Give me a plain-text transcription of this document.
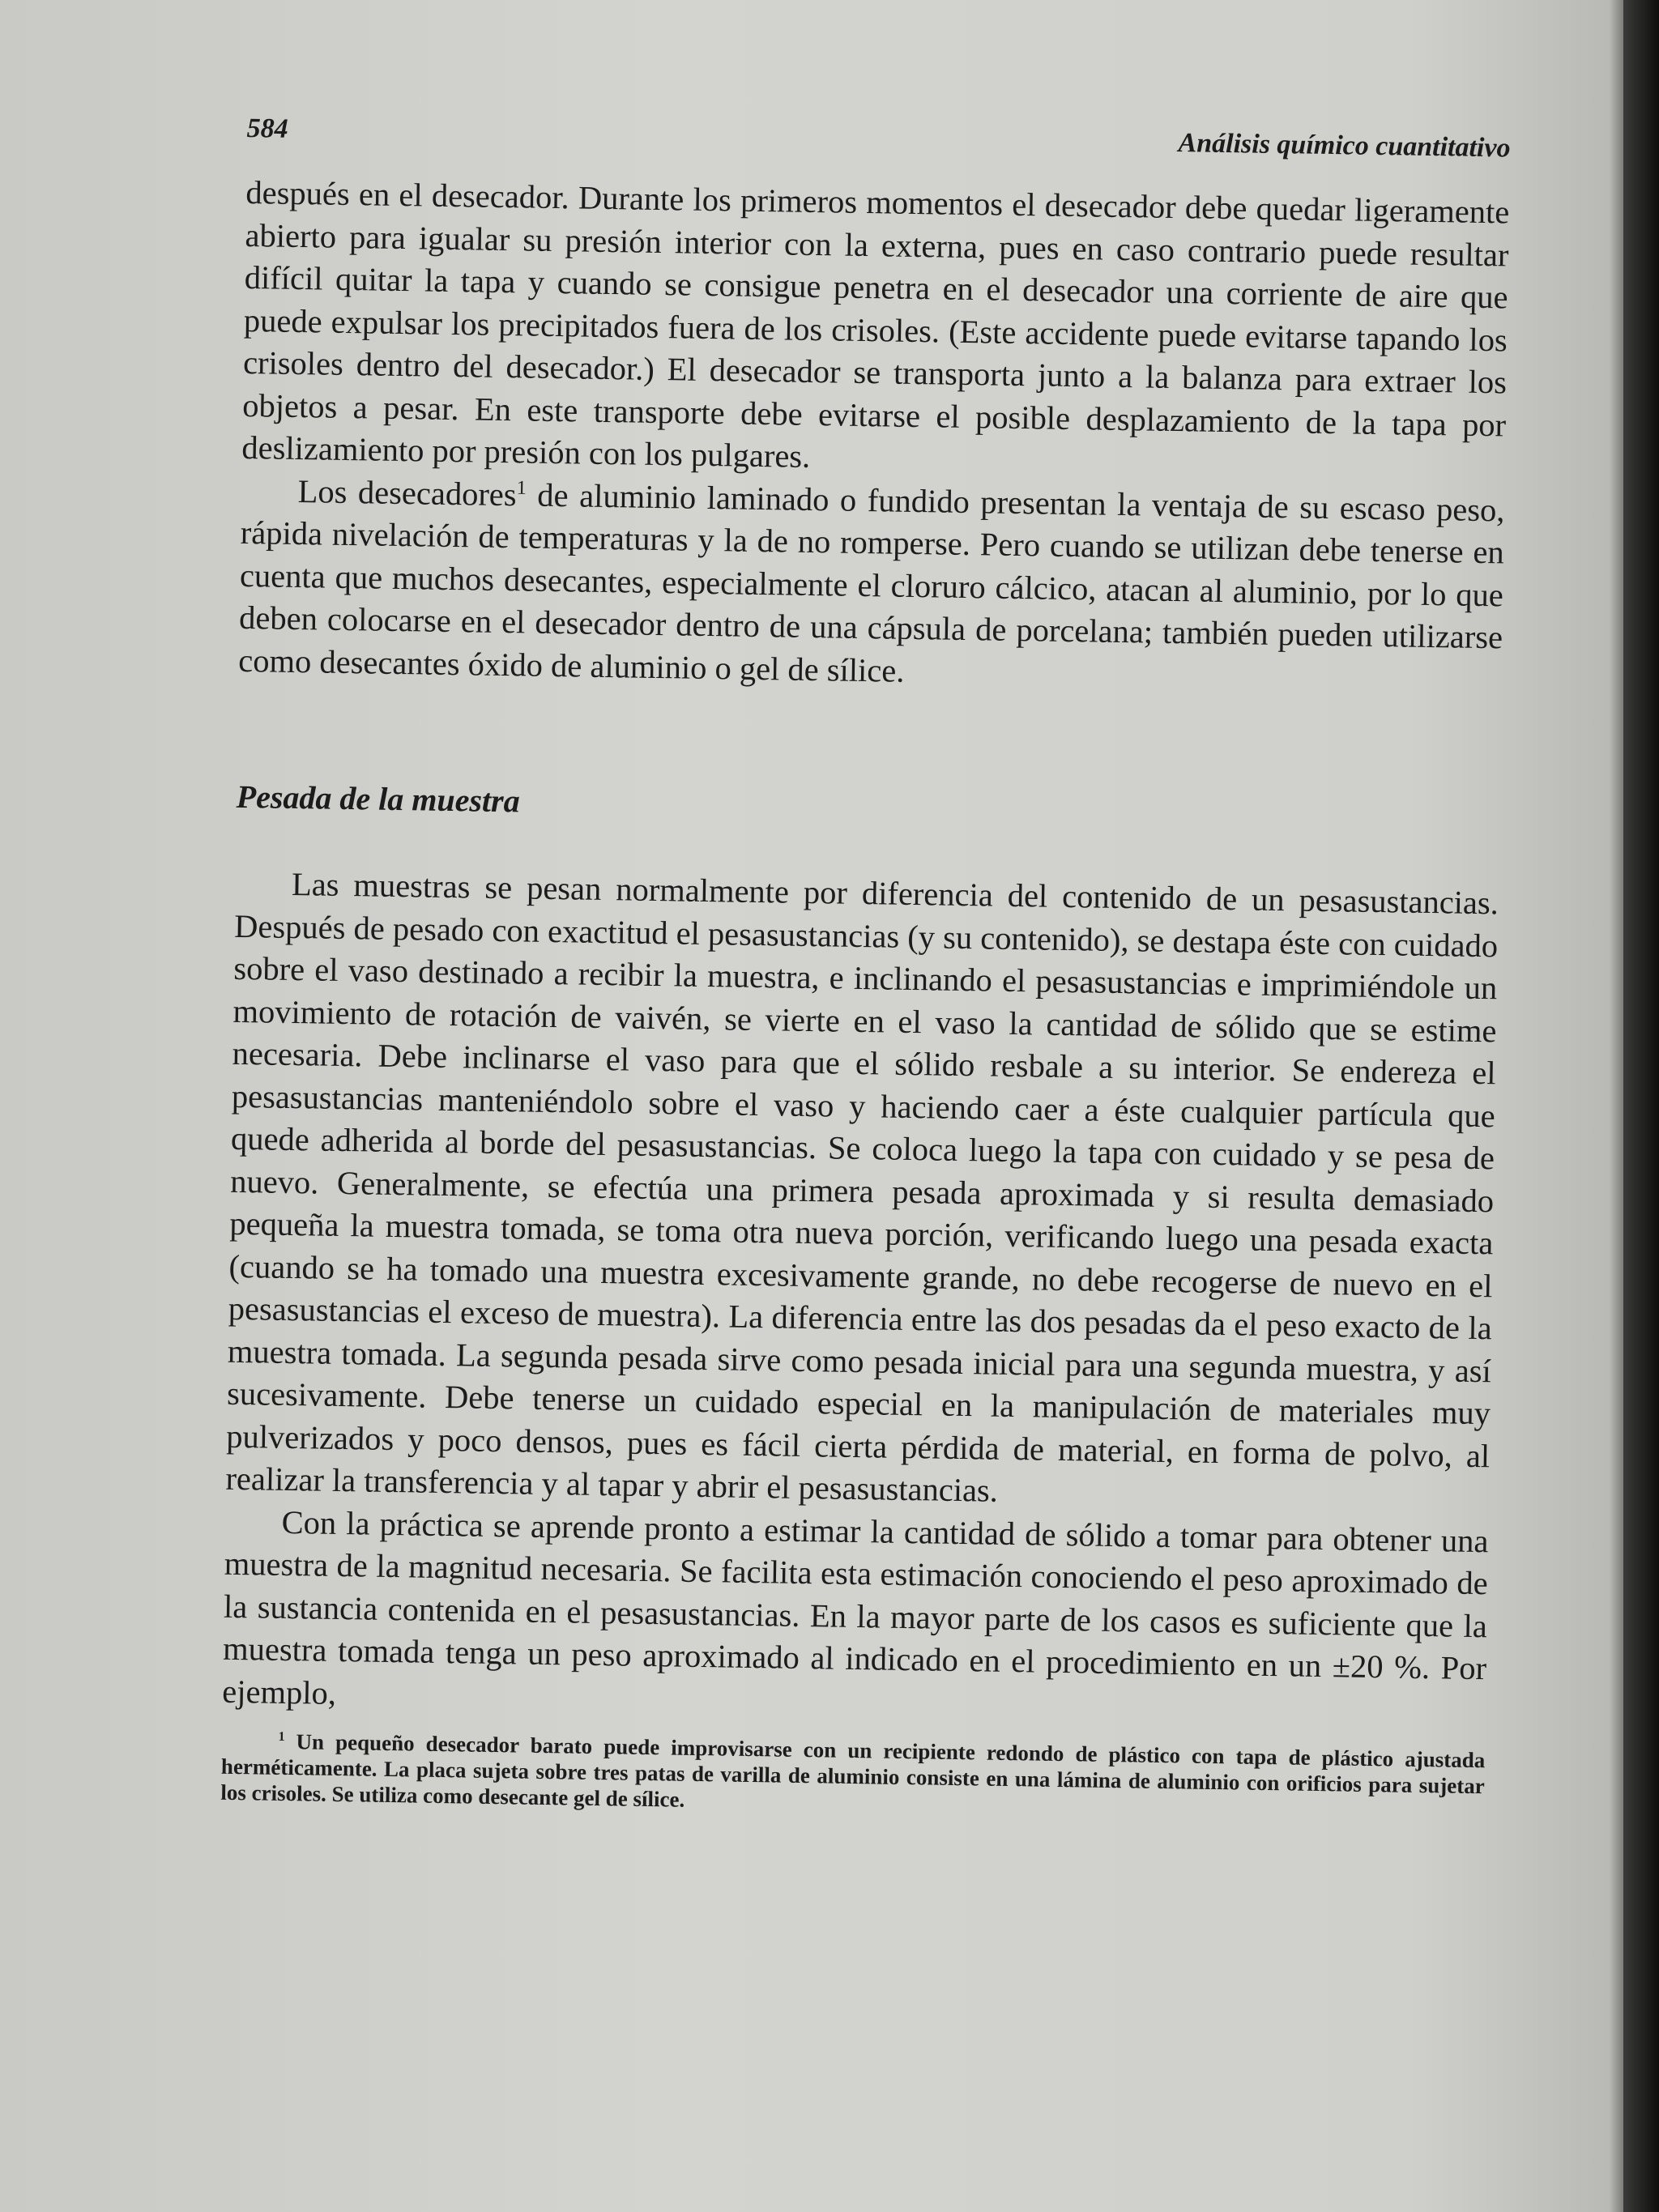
584	Análisis químico cuantitativo

después en el desecador. Durante los primeros momentos el desecador debe quedar ligeramente abierto para igualar su presión interior con la externa, pues en caso contrario puede resultar difícil quitar la tapa y cuando se consigue penetra en el desecador una corriente de aire que puede expulsar los precipitados fuera de los crisoles. (Este accidente puede evitarse tapando los crisoles dentro del desecador.) El desecador se transporta junto a la balanza para extraer los objetos a pesar. En este transporte debe evitarse el posible desplazamiento de la tapa por deslizamiento por presión con los pulgares.

Los desecadores$^1$ de aluminio laminado o fundido presentan la ventaja de su escaso peso, rápida nivelación de temperaturas y la de no romperse. Pero cuando se utilizan debe tenerse en cuenta que muchos desecantes, especialmente el cloruro cálcico, atacan al aluminio, por lo que deben colocarse en el desecador dentro de una cápsula de porcelana; también pueden utilizarse como desecantes óxido de aluminio o gel de sílice.

Pesada de la muestra

Las muestras se pesan normalmente por diferencia del contenido de un pesasustancias. Después de pesado con exactitud el pesasustancias (y su contenido), se destapa éste con cuidado sobre el vaso destinado a recibir la muestra, e inclinando el pesasustancias e imprimiéndole un movimiento de rotación de vaivén, se vierte en el vaso la cantidad de sólido que se estime necesaria. Debe inclinarse el vaso para que el sólido resbale a su interior. Se endereza el pesasustancias manteniéndolo sobre el vaso y haciendo caer a éste cualquier partícula que quede adherida al borde del pesasustancias. Se coloca luego la tapa con cuidado y se pesa de nuevo. Generalmente, se efectúa una primera pesada aproximada y si resulta demasiado pequeña la muestra tomada, se toma otra nueva porción, verificando luego una pesada exacta (cuando se ha tomado una muestra excesivamente grande, no debe recogerse de nuevo en el pesasustancias el exceso de muestra). La diferencia entre las dos pesadas da el peso exacto de la muestra tomada. La segunda pesada sirve como pesada inicial para una segunda muestra, y así sucesivamente. Debe tenerse un cuidado especial en la manipulación de materiales muy pulverizados y poco densos, pues es fácil cierta pérdida de material, en forma de polvo, al realizar la transferencia y al tapar y abrir el pesasustancias.

Con la práctica se aprende pronto a estimar la cantidad de sólido a tomar para obtener una muestra de la magnitud necesaria. Se facilita esta estimación conociendo el peso aproximado de la sustancia contenida en el pesasustancias. En la mayor parte de los casos es suficiente que la muestra tomada tenga un peso aproximado al indicado en el procedimiento en un ±20 %. Por ejemplo,

$^1$ Un pequeño desecador barato puede improvisarse con un recipiente redondo de plástico con tapa de plástico ajustada herméticamente. La placa sujeta sobre tres patas de varilla de aluminio consiste en una lámina de aluminio con orificios para sujetar los crisoles. Se utiliza como desecante gel de sílice.
